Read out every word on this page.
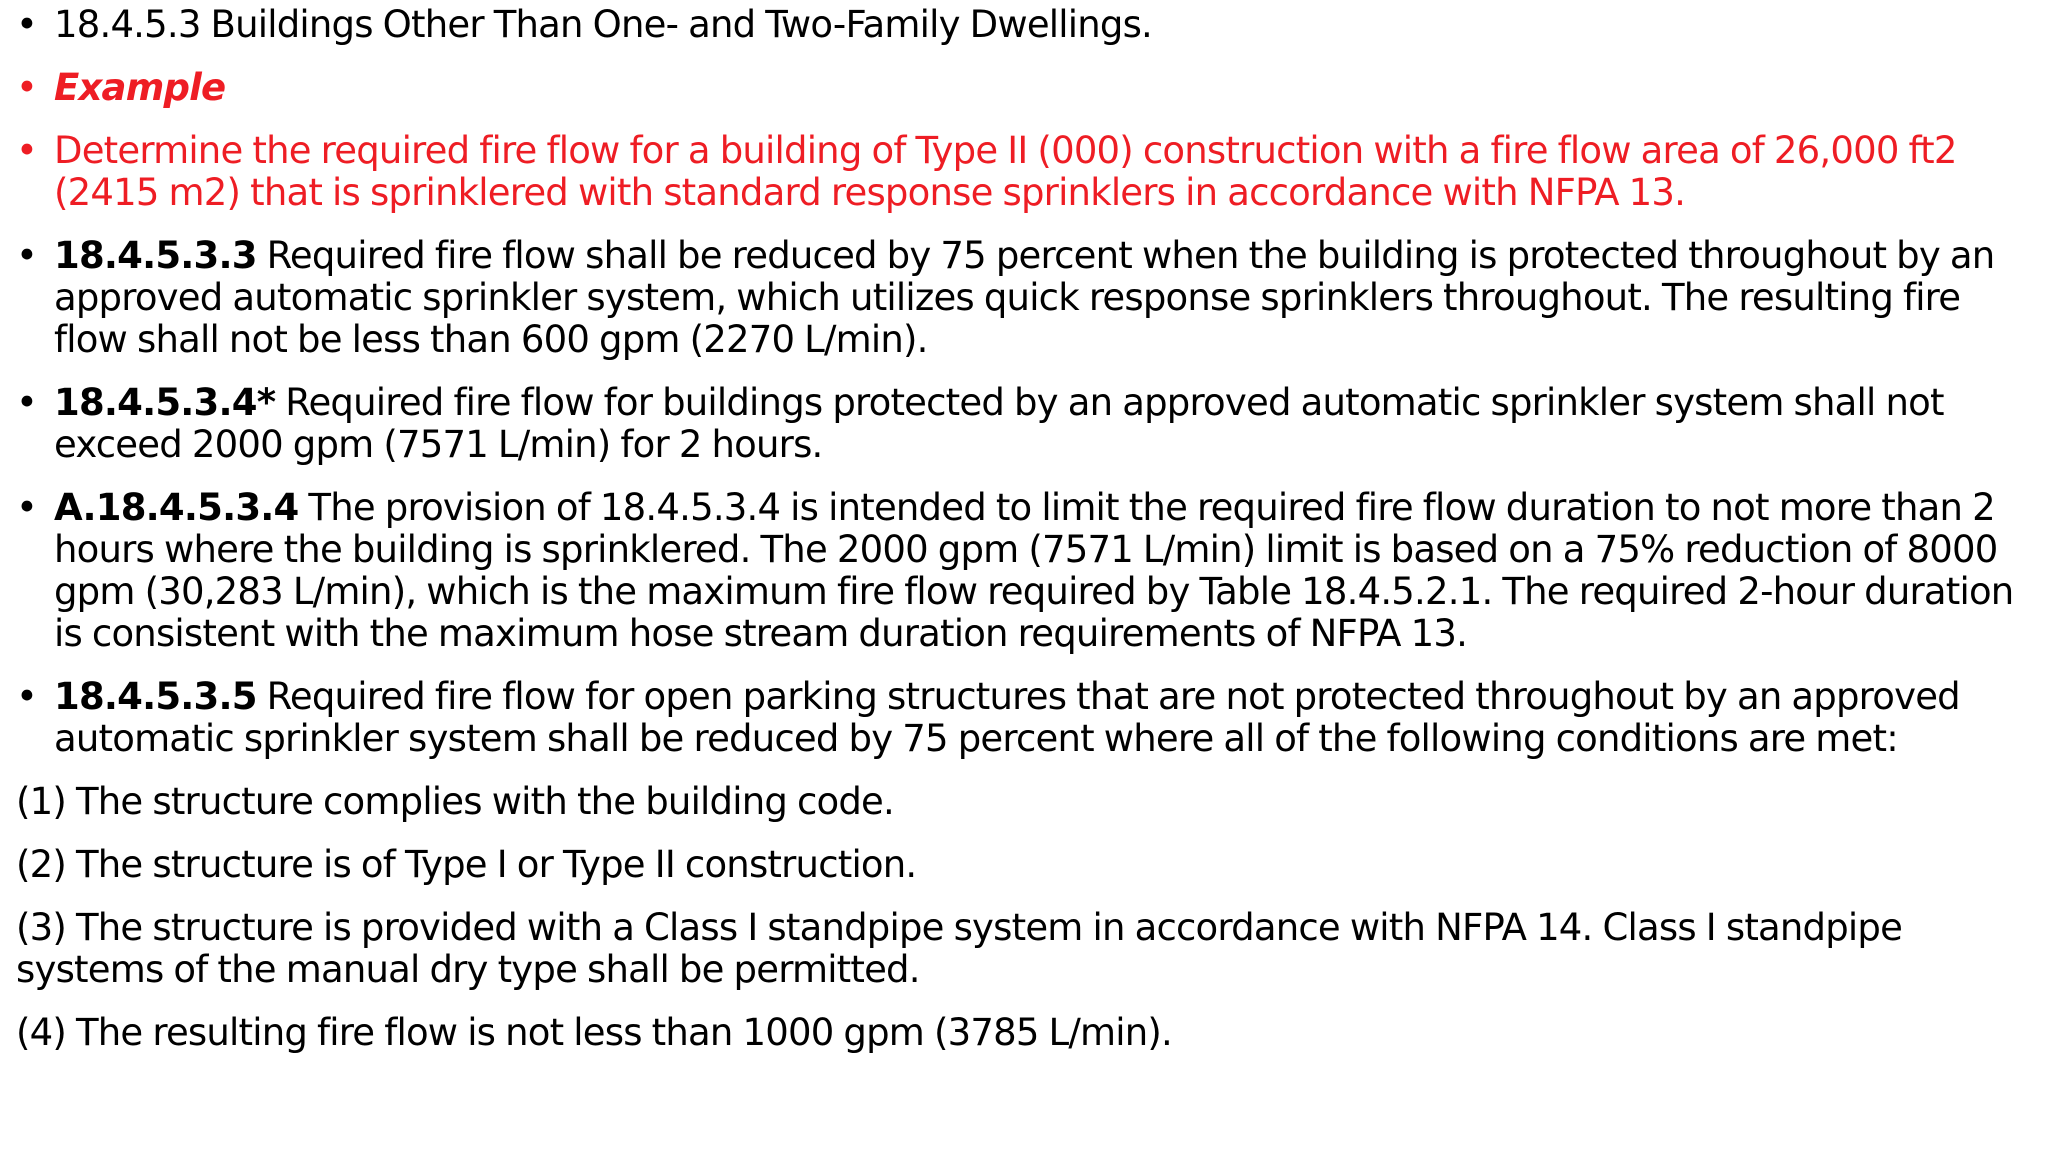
• 18.4.5.3 Buildings Other Than One- and Two-Family Dwellings.
• Example
• Determine the required fire flow for a building of Type II (000) construction with a fire flow area of 26,000 ft2 (2415 m2) that is sprinklered with standard response sprinklers in accordance with NFPA 13.
• 18.4.5.3.3 Required fire flow shall be reduced by 75 percent when the building is protected throughout by an approved automatic sprinkler system, which utilizes quick response sprinklers throughout. The resulting fire flow shall not be less than 600 gpm (2270 L/min).
• 18.4.5.3.4* Required fire flow for buildings protected by an approved automatic sprinkler system shall not exceed 2000 gpm (7571 L/min) for 2 hours.
• A.18.4.5.3.4 The provision of 18.4.5.3.4 is intended to limit the required fire flow duration to not more than 2 hours where the building is sprinklered. The 2000 gpm (7571 L/min) limit is based on a 75% reduction of 8000 gpm (30,283 L/min), which is the maximum fire flow required by Table 18.4.5.2.1. The required 2-hour duration is consistent with the maximum hose stream duration requirements of NFPA 13.
• 18.4.5.3.5 Required fire flow for open parking structures that are not protected throughout by an approved automatic sprinkler system shall be reduced by 75 percent where all of the following conditions are met:
(1) The structure complies with the building code.
(2) The structure is of Type I or Type II construction.
(3) The structure is provided with a Class I standpipe system in accordance with NFPA 14. Class I standpipe systems of the manual dry type shall be permitted.
(4) The resulting fire flow is not less than 1000 gpm (3785 L/min).
